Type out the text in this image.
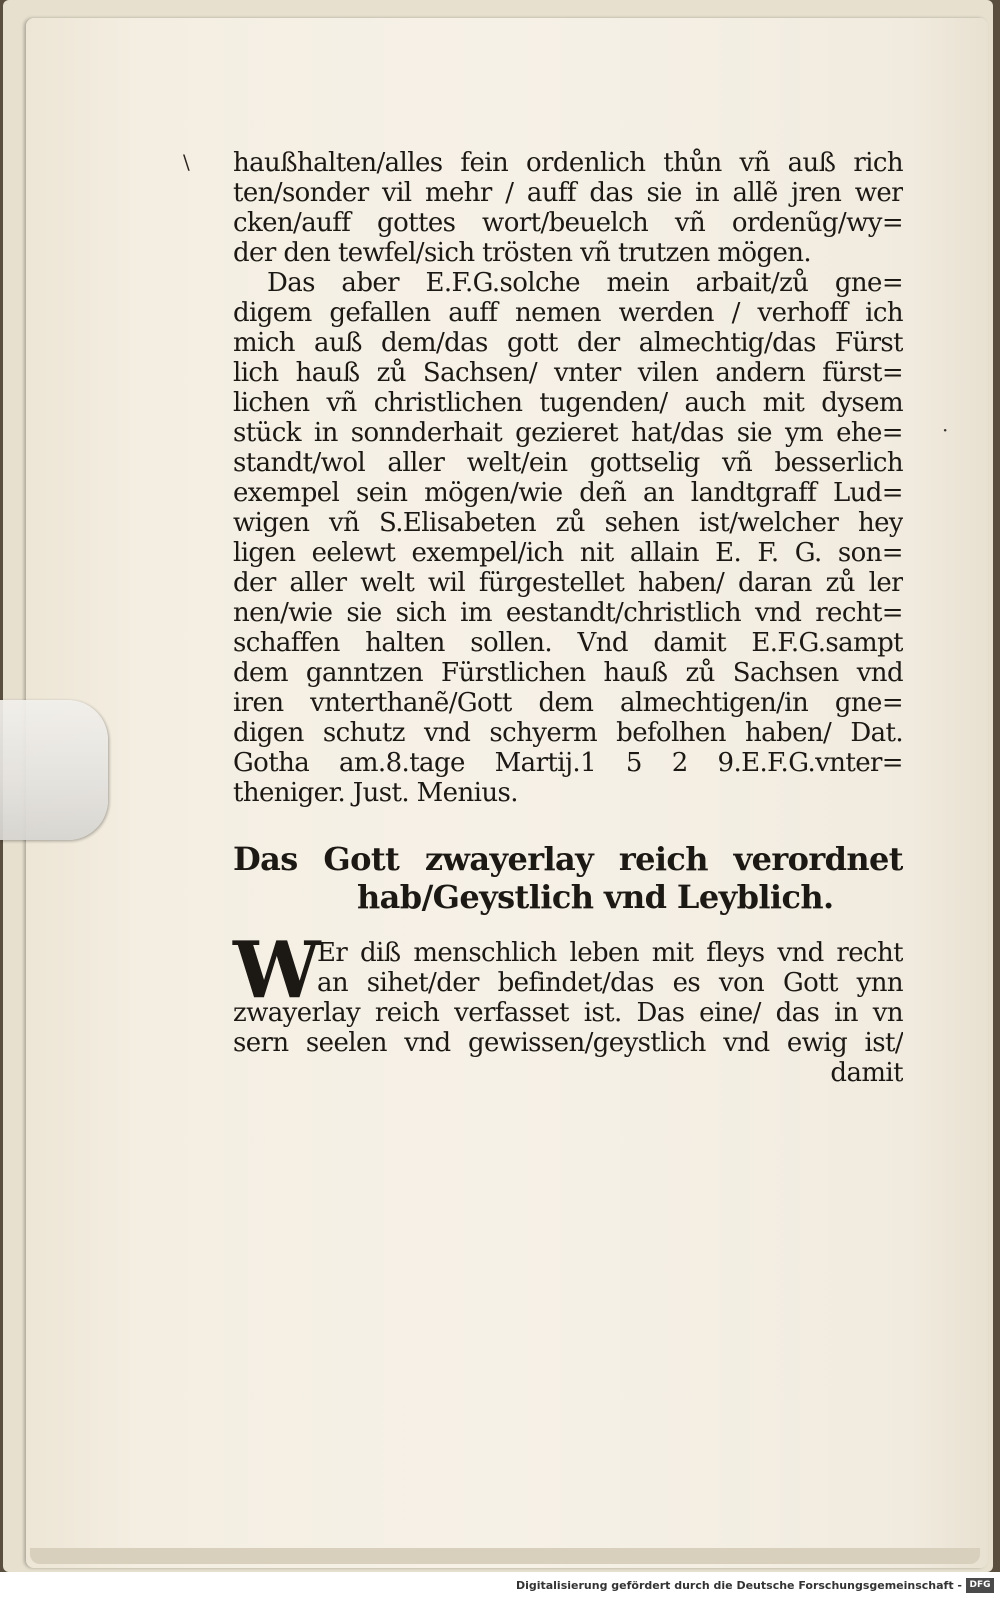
\ haußhalten/alles fein ordenlich thůn vñ auß rich
ten/sonder vil mehr / auff das sie in allẽ jren wer
cken/auff gottes wort/beuelch vñ ordenũg/wy=
der den tewfel/sich trösten vñ trutzen mögen.
Das aber E.F.G.solche mein arbait/zů gne=
digem gefallen auff nemen werden / verhoff ich
mich auß dem/das gott der almechtig/das Fürst
lich hauß zů Sachsen/ vnter vilen andern fürst=
lichen vñ christlichen tugenden/ auch mit dysem
stück in sonnderhait gezieret hat/das sie ym ehe=
standt/wol aller welt/ein gottselig vñ besserlich
exempel sein mögen/wie deñ an landtgraff Lud=
wigen vñ S.Elisabeten zů sehen ist/welcher hey
ligen eelewt exempel/ich nit allain E. F. G. son=
der aller welt wil fürgestellet haben/ daran zů ler
nen/wie sie sich im eestandt/christlich vnd recht=
schaffen halten sollen. Vnd damit E.F.G.sampt
dem ganntzen Fürstlichen hauß zů Sachsen vnd
iren vnterthanẽ/Gott dem almechtigen/in gne=
digen schutz vnd schyerm befolhen haben/ Dat.
Gotha am.8.tage Martij.1 5 2 9.E.F.G.vnter=
theniger. Just. Menius.
Das Gott zwayerlay reich verordnet
hab/Geystlich vnd Leyblich.
W
Er diß menschlich leben mit fleys vnd recht
an sihet/der befindet/das es von Gott ynn
zwayerlay reich verfasset ist. Das eine/ das in vn
sern seelen vnd gewissen/geystlich vnd ewig ist/
damit
Digitalisierung gefördert durch die Deutsche Forschungsgemeinschaft - DFG
